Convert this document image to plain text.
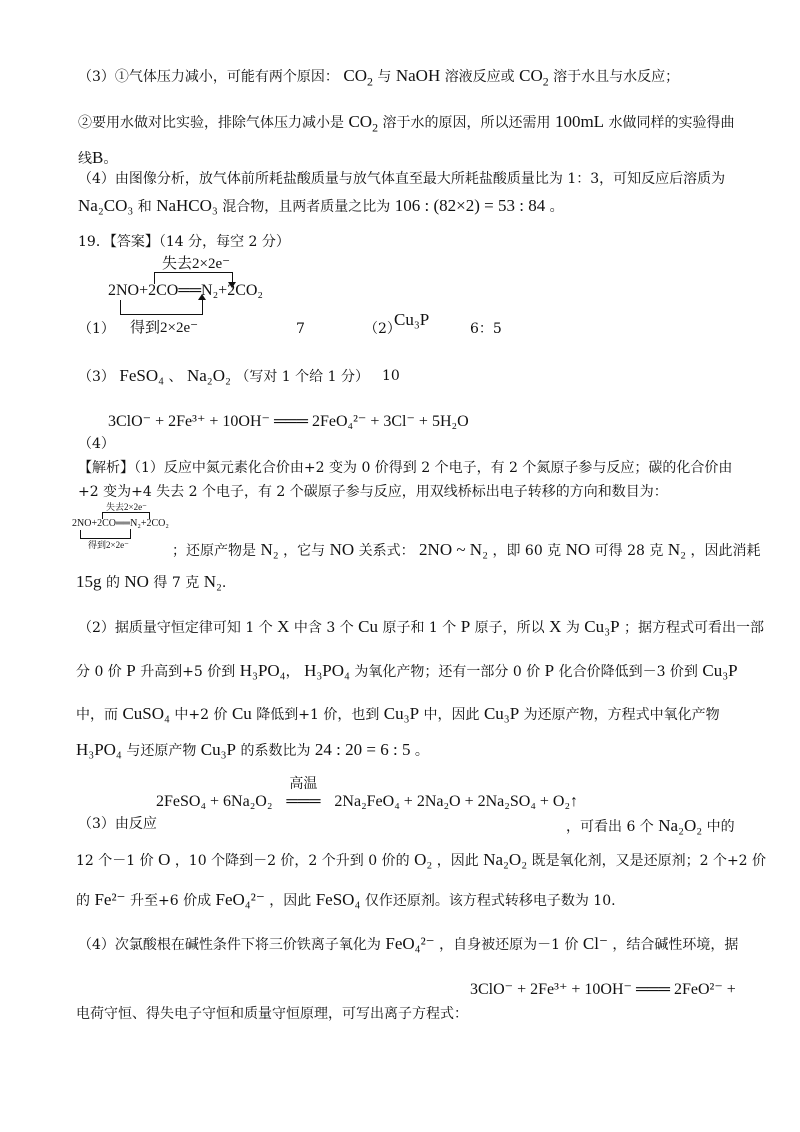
（3）①气体压力减小，可能有两个原因： $CO_2$ 与 NaOH 溶液反应或 $CO_2$ 溶于水且与水反应；
②要用水做对比实验，排除气体压力减小是 $CO_2$ 溶于水的原因，所以还需用 100mL 水做同样的实验得曲
线B。
（4）由图像分析，放气体前所耗盐酸质量与放气体直至最大所耗盐酸质量比为 1：3，可知反应后溶质为
Na₂CO₃ 和 NaHCO₃ 混合物，且两者质量之比为 106 : (82×2) = 53 : 84 。
19．【答案】（14 分，每空 2 分）
失去2×2e⁻
2NO+2CO══N₂+2CO₂
得到2×2e⁻
（1）	7	（2）
Cu₃P	6：5
（3） FeSO₄ 、 Na₂O₂ （写对 1 个给 1 分） 10
3ClO⁻ + 2Fe³⁺ + 10OH⁻ ═══ 2FeO₄²⁻ + 3Cl⁻ + 5H₂O
（4）
【解析】（1）反应中氮元素化合价由+2 变为 0 价得到 2 个电子，有 2 个氮原子参与反应；碳的化合价由
+2 变为+4 失去 2 个电子，有 2 个碳原子参与反应，用双线桥标出电子转移的方向和数目为：
失去2×2e⁻
2NO+2CO══N₂+2CO₂
得到2×2e⁻	；还原产物是 N₂ ，它与 NO 关系式： 2NO ~ N₂ ，即 60 克 NO 可得 28 克 N₂ ，因此消耗
15g 的 NO 得 7 克 N₂.
（2）据质量守恒定律可知 1 个 X 中含 3 个 Cu 原子和 1 个 P 原子，所以 X 为 Cu₃P ；据方程式可看出一部
分 0 价 P 升高到+5 价到 H₃PO₄， H₃PO₄ 为氧化产物；还有一部分 0 价 P 化合价降低到－3 价到 Cu₃P
中，而 CuSO₄ 中+2 价 Cu 降低到+1 价，也到 Cu₃P 中，因此 Cu₃P 为还原产物，方程式中氧化产物
H₃PO₄ 与还原产物 Cu₃P 的系数比为 24 : 20 = 6 : 5 。
2FeSO₄ + 6Na₂O₂
高温
═══ 2Na₂FeO₄ + 2Na₂O + 2Na₂SO₄ + O₂↑
（3）由反应	，可看出 6 个 Na₂O₂ 中的
12 个－1 价 O ，10 个降到－2 价，2 个升到 0 价的 O₂ ，因此 Na₂O₂ 既是氧化剂，又是还原剂；2 个+2 价
的 Fe²⁻ 升至+6 价成 FeO₄²⁻ ，因此 FeSO₄ 仅作还原剂。该方程式转移电子数为 10.
（4）次氯酸根在碱性条件下将三价铁离子氧化为 FeO₄²⁻ ，自身被还原为－1 价 Cl⁻ ，结合碱性环境，据
3ClO⁻ + 2Fe³⁺ + 10OH⁻ ═══ 2FeO²⁻ +
电荷守恒、得失电子守恒和质量守恒原理，可写出离子方程式：
